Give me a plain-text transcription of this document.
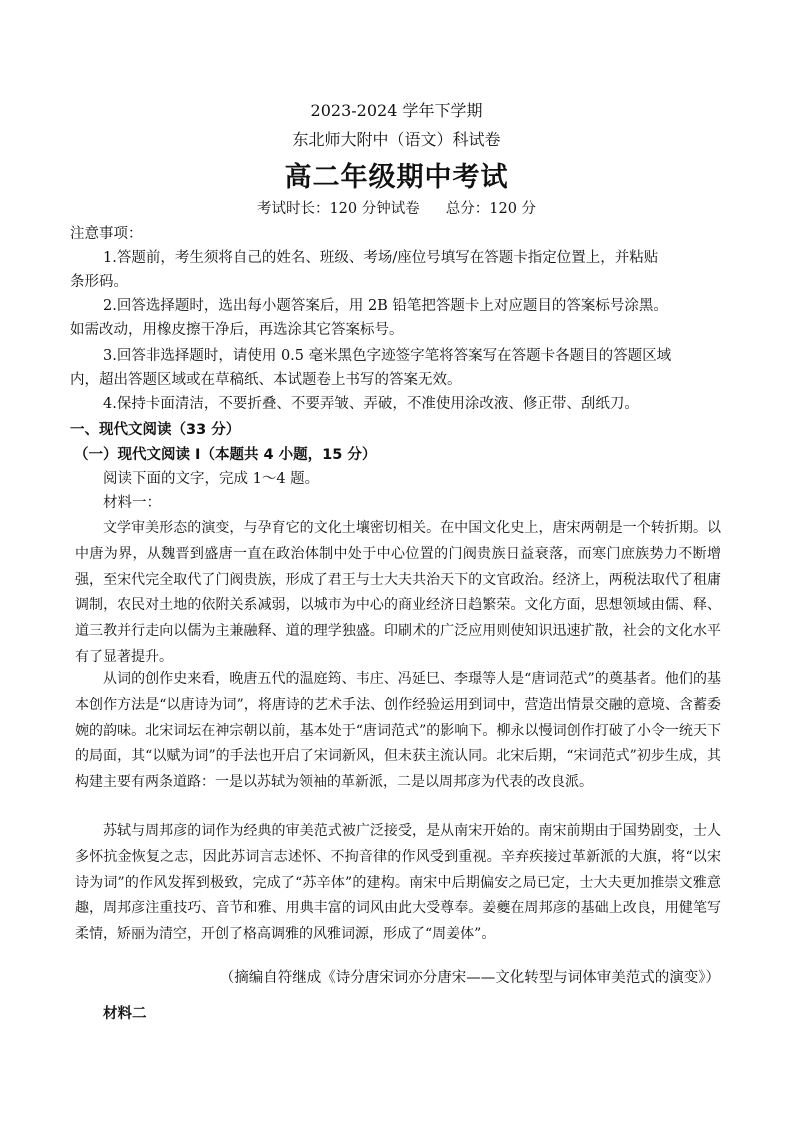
2023-2024 学年下学期
东北师大附中（语文）科试卷
高二年级期中考试
考试时长：120 分钟试卷 总分：120 分
注意事项：
1.答题前，考生须将自己的姓名、班级、考场/座位号填写在答题卡指定位置上，并粘贴
条形码。
2.回答选择题时，选出每小题答案后，用 2B 铅笔把答题卡上对应题目的答案标号涂黑。
如需改动，用橡皮擦干净后，再选涂其它答案标号。
3.回答非选择题时，请使用 0.5 毫米黑色字迹签字笔将答案写在答题卡各题目的答题区域
内，超出答题区域或在草稿纸、本试题卷上书写的答案无效。
4.保持卡面清洁，不要折叠、不要弄皱、弄破，不准使用涂改液、修正带、刮纸刀。
一、现代文阅读（33 分）
（一）现代文阅读 I（本题共 4 小题，15 分）
阅读下面的文字，完成 1～4 题。
材料一：
文学审美形态的演变，与孕育它的文化土壤密切相关。在中国文化史上，唐宋两朝是一个转折期。以中唐为界，从魏晋到盛唐一直在政治体制中处于中心位置的门阀贵族日益衰落，而寒门庶族势力不断增强，至宋代完全取代了门阀贵族，形成了君王与士大夫共治天下的文官政治。经济上，两税法取代了租庸调制，农民对土地的依附关系减弱，以城市为中心的商业经济日趋繁荣。文化方面，思想领域由儒、释、道三教并行走向以儒为主兼融释、道的理学独盛。印刷术的广泛应用则使知识迅速扩散，社会的文化水平有了显著提升。
从词的创作史来看，晚唐五代的温庭筠、韦庄、冯延巳、李璟等人是“唐词范式”的奠基者。他们的基本创作方法是“以唐诗为词”，将唐诗的艺术手法、创作经验运用到词中，营造出情景交融的意境、含蓄委婉的韵味。北宋词坛在神宗朝以前，基本处于“唐词范式”的影响下。柳永以慢词创作打破了小令一统天下的局面，其“以赋为词”的手法也开启了宋词新风，但未获主流认同。北宋后期，“宋词范式”初步生成，其构建主要有两条道路：一是以苏轼为领袖的革新派，二是以周邦彦为代表的改良派。
苏轼与周邦彦的词作为经典的审美范式被广泛接受，是从南宋开始的。南宋前期由于国势剧变，士人多怀抗金恢复之志，因此苏词言志述怀、不拘音律的作风受到重视。辛弃疾接过革新派的大旗，将“以宋诗为词”的作风发挥到极致，完成了“苏辛体”的建构。南宋中后期偏安之局已定，士大夫更加推崇文雅意趣，周邦彦注重技巧、音节和雅、用典丰富的词风由此大受尊奉。姜夔在周邦彦的基础上改良，用健笔写柔情，矫丽为清空，开创了格高调雅的风雅词源，形成了“周姜体”。
（摘编自符继成《诗分唐宋词亦分唐宋——文化转型与词体审美范式的演变》）
材料二
